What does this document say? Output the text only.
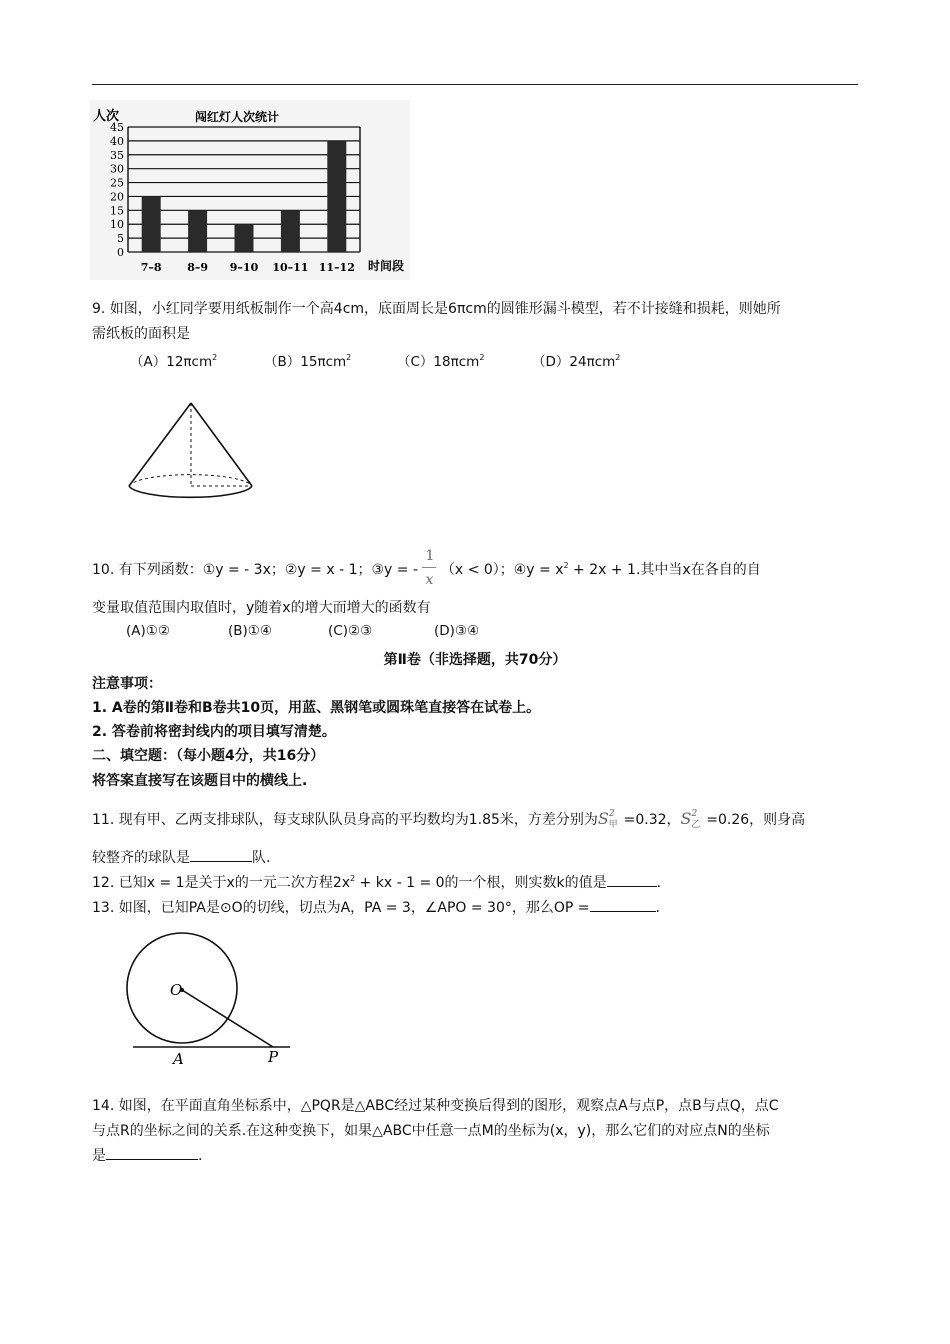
人次	闯红灯人次统计
时间段
0
5
10
15
20
25
30
35
40
45
7–8 8–9 9–10 10–11 11–12
9. 如图，小红同学要用纸板制作一个高4cm，底面周长是6πcm的圆锥形漏斗模型，若不计接缝和损耗，则她所
需纸板的面积是
（A）12πcm$^2$	（B）15πcm$^2$	（C）18πcm$^2$	（D）24πcm$^2$
10. 有下列函数：①y = - 3x；②y = x - 1；③y = - $\frac{1}{x} (x < 0)$；④y = $x^2 + 2x + 1$.其中当x在各自的自
变量取值范围内取值时，y随着x的增大而增大的函数有
(A)①②	(B)①④	(C)②③	(D)③④
第Ⅱ卷（非选择题，共70分）
注意事项：
1. A卷的第Ⅱ卷和B卷共10页，用蓝、黑钢笔或圆珠笔直接答在试卷上。
2. 答卷前将密封线内的项目填写清楚。
二、填空题：（每小题4分，共16分）
将答案直接写在该题目中的横线上.
11. 现有甲、乙两支排球队，每支球队队员身高的平均数均为1.85米，方差分别为$S^2$甲 =0.32，$S^2$乙 =0.26，则身高
较整齐的球队是	队.
12. 已知x = 1是关于x的一元二次方程$2x^2$ + kx - 1 = 0的一个根，则实数k的值是	.
13. 如图，已知PA是⊙O的切线，切点为A，PA = 3，∠APO = 30°，那么OP =	.
O
A	P
14. 如图，在平面直角坐标系中，△PQR是△ABC经过某种变换后得到的图形，观察点A与点P，点B与点Q，点C
与点R的坐标之间的关系.在这种变换下，如果△ABC中任意一点M的坐标为(x，y)，那么它们的对应点N的坐标
是	.
